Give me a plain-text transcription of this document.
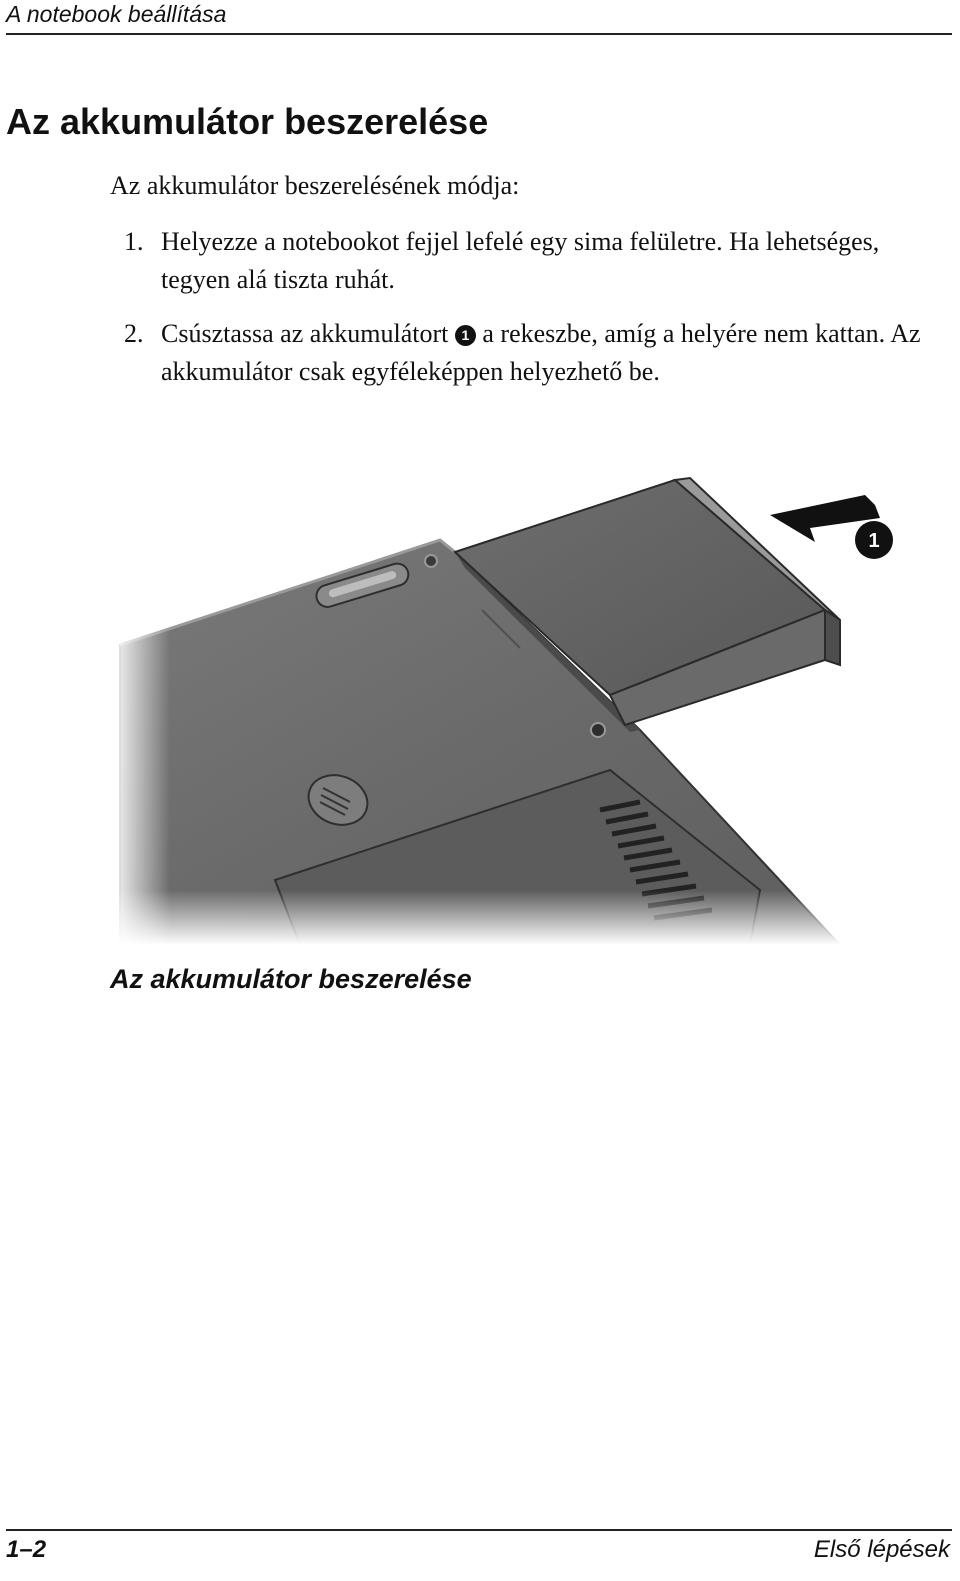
A notebook beállítása
Az akkumulátor beszerelése

Az akkumulátor beszerelésének módja:

1. Helyezze a notebookot fejjel lefelé egy sima felületre. Ha lehetséges, tegyen alá tiszta ruhát.
2. Csúsztassa az akkumulátort 1 a rekeszbe, amíg a helyére nem kattan. Az akkumulátor csak egyféleképpen helyezhető be.
1

Az akkumulátor beszerelése

1–2	Első lépések
